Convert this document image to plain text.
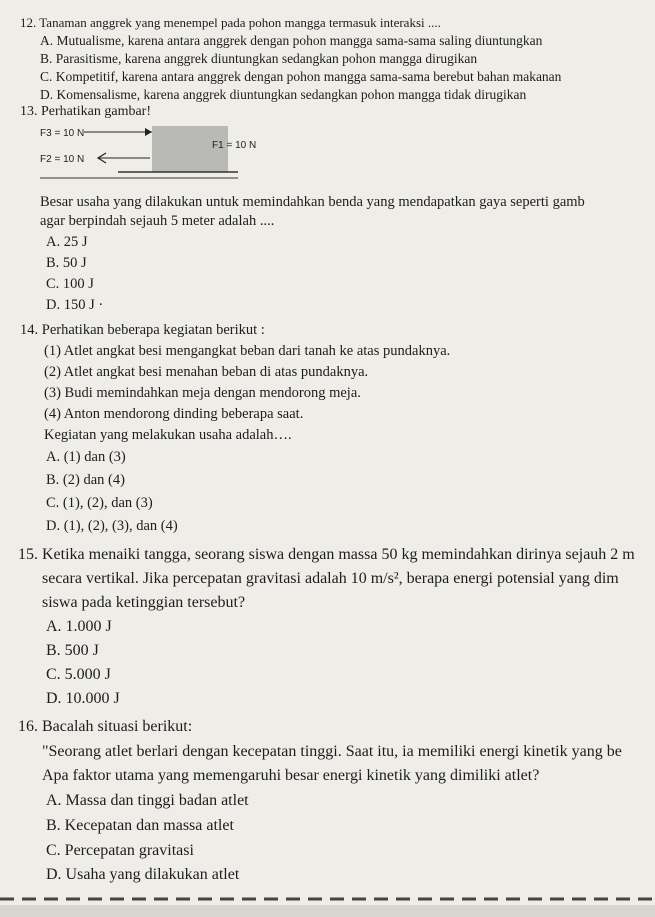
12. Tanaman anggrek yang menempel pada pohon mangga termasuk interaksi ....
A. Mutualisme, karena antara anggrek dengan pohon mangga sama-sama saling diuntungkan
B. Parasitisme, karena anggrek diuntungkan sedangkan pohon mangga dirugikan
C. Kompetitif, karena antara anggrek dengan pohon mangga sama-sama berebut bahan makanan
D. Komensalisme, karena anggrek diuntungkan sedangkan pohon mangga tidak dirugikan
13. Perhatikan gambar!
F3 = 10 N
F1 = 10 N
F2 = 10 N
Besar usaha yang dilakukan untuk memindahkan benda yang mendapatkan gaya seperti gamb
agar berpindah sejauh 5 meter adalah ....
A. 25 J
B. 50 J
C. 100 J
D. 150 J ·
14. Perhatikan beberapa kegiatan berikut :
(1) Atlet angkat besi mengangkat beban dari tanah ke atas pundaknya.
(2) Atlet angkat besi menahan beban di atas pundaknya.
(3) Budi memindahkan meja dengan mendorong meja.
(4) Anton mendorong dinding beberapa saat.
Kegiatan yang melakukan usaha adalah….
A. (1) dan (3)
B. (2) dan (4)
C. (1), (2), dan (3)
D. (1), (2), (3), dan (4)
15. Ketika menaiki tangga, seorang siswa dengan massa 50 kg memindahkan dirinya sejauh 2 m
secara vertikal. Jika percepatan gravitasi adalah 10 m/s², berapa energi potensial yang dim
siswa pada ketinggian tersebut?
A. 1.000 J
B. 500 J
C. 5.000 J
D. 10.000 J
16. Bacalah situasi berikut:
"Seorang atlet berlari dengan kecepatan tinggi. Saat itu, ia memiliki energi kinetik yang be
Apa faktor utama yang memengaruhi besar energi kinetik yang dimiliki atlet?
A. Massa dan tinggi badan atlet
B. Kecepatan dan massa atlet
C. Percepatan gravitasi
D. Usaha yang dilakukan atlet
